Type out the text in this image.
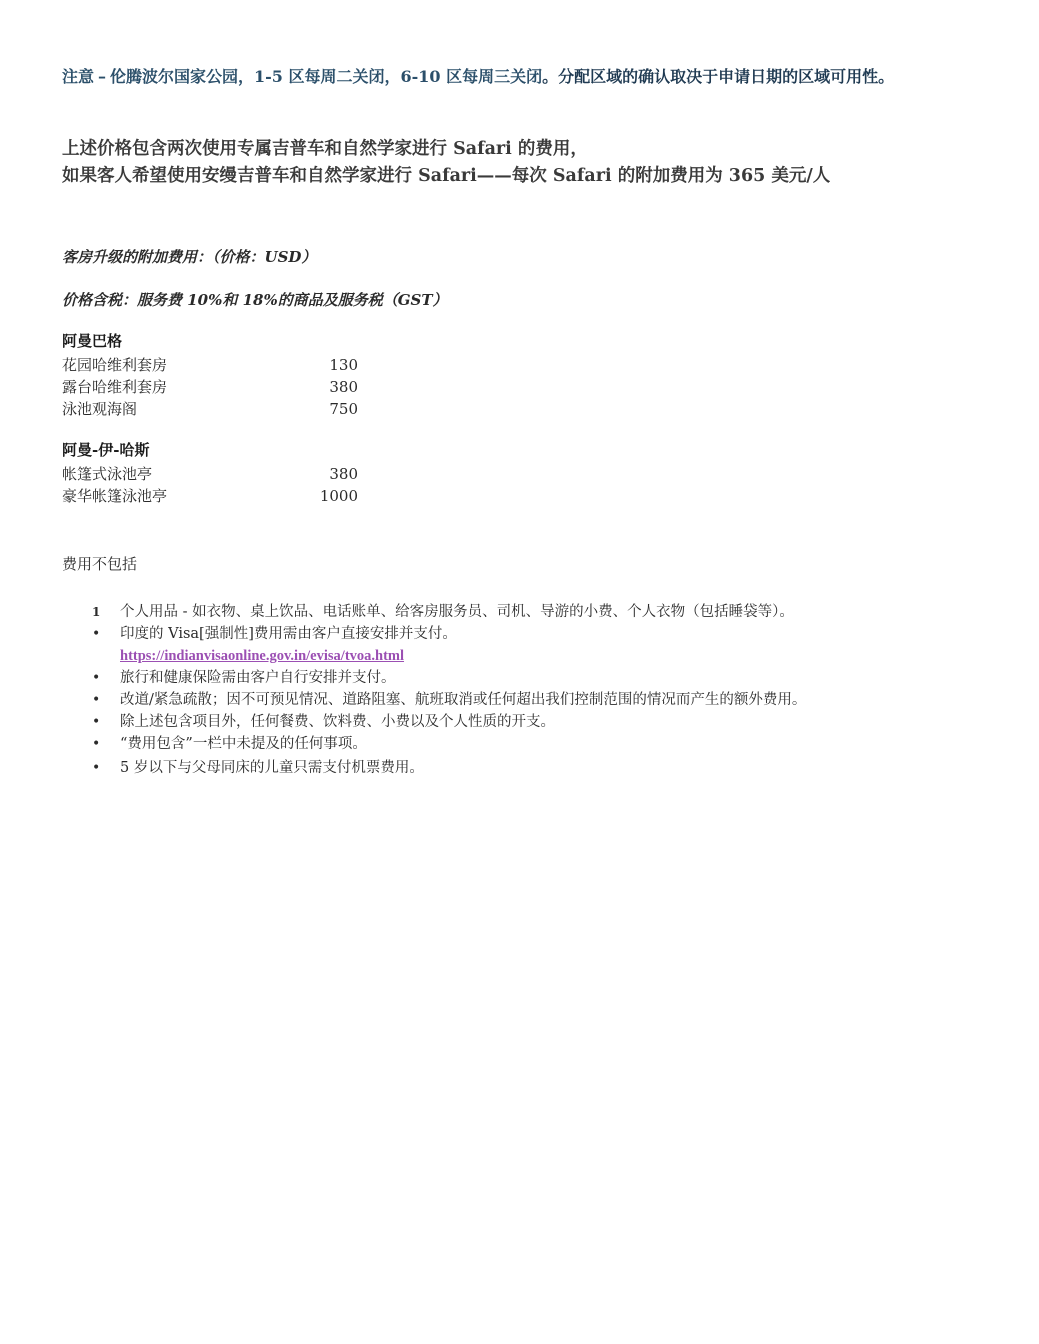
注意 – 伦腾波尔国家公园，1-5 区每周二关闭，6-10 区每周三关闭。分配区域的确认取决于申请日期的区域可用性。
上述价格包含两次使用专属吉普车和自然学家进行 Safari 的费用，
如果客人希望使用安缦吉普车和自然学家进行 Safari——每次 Safari 的附加费用为 365 美元/人
客房升级的附加费用：（价格：USD）
价格含税：服务费 10%和 18%的商品及服务税（GST）
阿曼巴格
花园哈维利套房	130
露台哈维利套房	380
泳池观海阁	750
阿曼-伊-哈斯
帐篷式泳池亭	380
豪华帐篷泳池亭	1000
费用不包括
1	个人用品 - 如衣物、桌上饮品、电话账单、给客房服务员、司机、导游的小费、个人衣物（包括睡袋等）。
•
印度的 Visa[强制性]费用需由客户直接安排并支付。
https://indianvisaonline.gov.in/evisa/tvoa.html
•
旅行和健康保险需由客户自行安排并支付。
•
改道/紧急疏散；因不可预见情况、道路阻塞、航班取消或任何超出我们控制范围的情况而产生的额外费用。
•
除上述包含项目外，任何餐费、饮料费、小费以及个人性质的开支。
•
“费用包含”一栏中未提及的任何事项。
•
5 岁以下与父母同床的儿童只需支付机票费用。
